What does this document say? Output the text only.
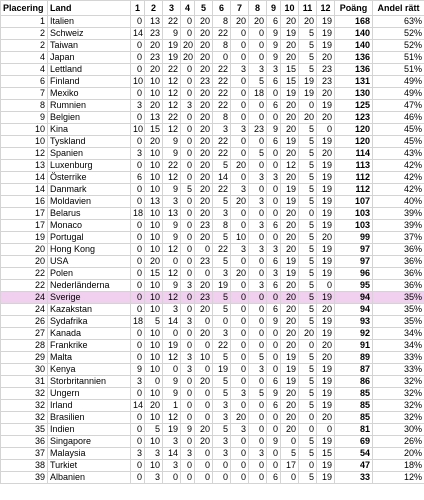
Placering	Land	1	2	3	4	5	6	7	8	9	10	11	12	Poäng	Andel rätt
1	Italien	0	13	22	0	20	8	20	20	6	20	20	19	168	63%
2	Schweiz	14	23	9	0	20	22	0	0	9	19	5	19	140	52%
2	Taiwan	0	20	19	20	20	8	0	0	9	20	5	19	140	52%
4	Japan	0	23	19	20	20	0	0	0	9	20	5	20	136	51%
4	Lettland	0	20	22	0	20	22	3	3	3	15	5	23	136	51%
6	Finland	10	10	12	0	23	22	0	5	6	15	19	23	131	49%
7	Mexiko	0	10	12	0	20	22	0	18	0	19	19	20	130	49%
8	Rumnien	3	20	12	3	20	22	0	0	6	20	0	19	125	47%
9	Belgien	0	13	22	0	20	8	0	0	0	20	20	20	123	46%
10	Kina	10	15	12	0	20	3	3	23	9	20	5	0	120	45%
10	Tyskland	0	20	9	0	20	22	0	0	6	19	5	19	120	45%
12	Spanien	3	10	9	0	20	22	0	5	0	20	5	20	114	43%
13	Luxenburg	0	10	22	0	20	5	20	0	0	12	5	19	113	42%
14	Österrike	6	10	12	0	20	14	0	3	3	20	5	19	112	42%
14	Danmark	0	10	9	5	20	22	3	0	0	19	5	19	112	42%
16	Moldavien	0	13	3	0	20	5	20	3	0	19	5	19	107	40%
17	Belarus	18	10	13	0	20	3	0	0	0	20	0	19	103	39%
17	Monaco	0	10	9	0	23	8	0	3	6	20	5	19	103	39%
19	Portugal	0	10	9	0	20	5	10	0	0	20	5	20	99	37%
20	Hong Kong	0	10	12	0	0	22	3	3	3	20	5	19	97	36%
20	USA	0	20	0	0	23	5	0	0	6	19	5	19	97	36%
22	Polen	0	15	12	0	0	3	20	0	3	19	5	19	96	36%
22	Nederländerna	0	10	9	3	20	19	0	3	6	20	5	0	95	36%
24	Sverige	0	10	12	0	23	5	0	0	0	20	5	19	94	35%
24	Kazakstan	0	10	3	0	20	5	0	0	6	20	5	20	94	35%
26	Sydafrika	18	5	14	3	0	0	0	0	9	20	5	19	93	35%
27	Kanada	0	10	0	0	20	3	0	0	0	20	20	19	92	34%
28	Frankrike	0	10	19	0	0	22	0	0	0	20	0	20	91	34%
29	Malta	0	10	12	3	10	5	0	5	0	19	5	20	89	33%
30	Kenya	9	10	0	3	0	19	0	3	0	19	5	19	87	33%
31	Storbritannien	3	0	9	0	20	5	0	0	6	19	5	19	86	32%
32	Ungern	0	10	9	0	0	5	3	5	9	20	5	19	85	32%
32	Irland	14	20	1	0	0	3	0	0	6	20	5	19	85	32%
32	Brasilien	0	10	12	0	0	3	20	0	0	20	0	20	85	32%
35	Indien	0	5	19	9	20	5	3	0	0	20	0	0	81	30%
36	Singapore	0	10	3	0	20	3	0	0	9	0	5	19	69	26%
37	Malaysia	3	3	14	3	0	3	0	3	0	5	5	15	54	20%
38	Turkiet	0	10	3	0	0	0	0	0	0	17	0	19	47	18%
39	Albanien	0	3	0	0	0	0	0	0	6	0	5	19	33	12%
